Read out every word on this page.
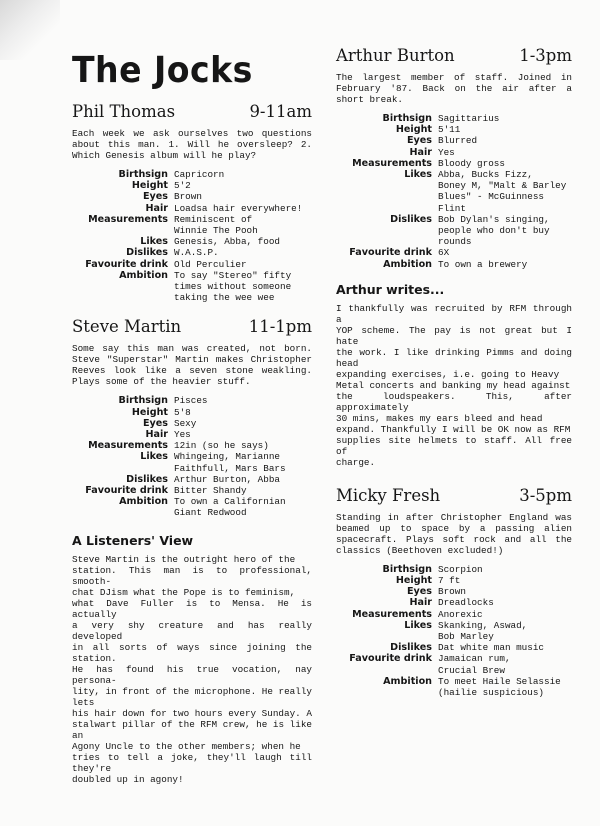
The Jocks
Phil Thomas	9-11am

Each week we ask ourselves two questions about this man. 1. Will he oversleep? 2. Which Genesis album will he play?

Birthsign Capricorn
Height 5'2
Eyes Brown
Hair Loadsa hair everywhere!
Measurements Reminiscent of
Winnie The Pooh
Likes Genesis, Abba, food
Dislikes W.A.S.P.
Favourite drink Old Perculier
Ambition To say "Stereo" fifty
times without someone
taking the wee wee
Steve Martin	11-1pm

Some say this man was created, not born. Steve "Superstar" Martin makes Christopher Reeves look like a seven stone weakling. Plays some of the heavier stuff.

Birthsign Pisces
Height 5'8
Eyes Sexy
Hair Yes
Measurements 12in (so he says)
Likes Whingeing, Marianne
Faithfull, Mars Bars
Dislikes Arthur Burton, Abba
Favourite drink Bitter Shandy
Ambition To own a Californian
Giant Redwood
A Listeners' View

Steve Martin is the outright hero of the
station. This man is to professional, smooth-
chat DJism what the Pope is to feminism,
what Dave Fuller is to Mensa. He is actually
a very shy creature and has really developed
in all sorts of ways since joining the station.
He has found his true vocation, nay persona-
lity, in front of the microphone. He really lets
his hair down for two hours every Sunday. A
stalwart pillar of the RFM crew, he is like an
Agony Uncle to the other members; when he
tries to tell a joke, they'll laugh till they're
doubled up in agony!

Arthur Burton	1-3pm

The largest member of staff. Joined in February '87. Back on the air after a short break.

Birthsign Sagittarius
Height 5'11
Eyes Blurred
Hair Yes
Measurements Bloody gross
Likes Abba, Bucks Fizz,
Boney M, "Malt & Barley
Blues" - McGuinness Flint
Dislikes Bob Dylan's singing,
people who don't buy
rounds
Favourite drink 6X
Ambition To own a brewery
Arthur writes...

I thankfully was recruited by RFM through a
YOP scheme. The pay is not great but I hate
the work. I like drinking Pimms and doing head
expanding exercises, i.e. going to Heavy
Metal concerts and banking my head against
the loudspeakers. This, after approximately
30 mins, makes my ears bleed and head
expand. Thankfully I will be OK now as RFM
supplies site helmets to staff. All free of
charge.

Micky Fresh	3-5pm

Standing in after Christopher England was beamed up to space by a passing alien spacecraft. Plays soft rock and all the classics (Beethoven excluded!)

Birthsign Scorpion
Height 7 ft
Eyes Brown
Hair Dreadlocks
Measurements Anorexic
Likes Skanking, Aswad,
Bob Marley
Dislikes Dat white man music
Favourite drink Jamaican rum,
Crucial Brew
Ambition To meet Haile Selassie
(hailie suspicious)
